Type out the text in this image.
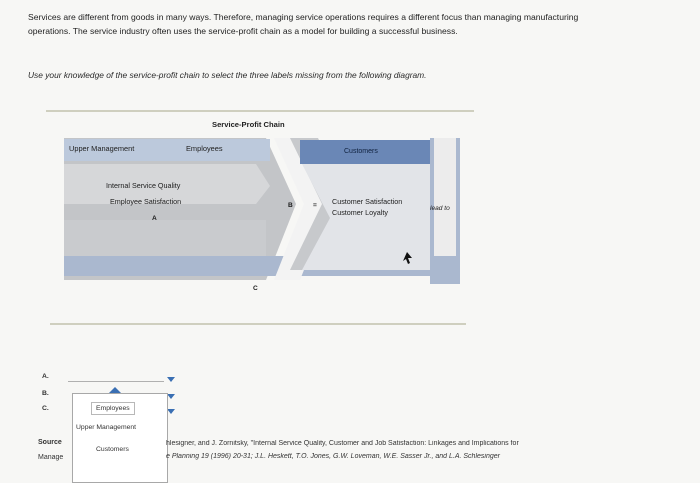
Services are different from goods in many ways. Therefore, managing service operations requires a different focus than managing manufacturing
operations. The service industry often uses the service-profit chain as a model for building a successful business.
Use your knowledge of the service-profit chain to select the three labels missing from the following diagram.
Service-Profit Chain
Upper Management	Employees	Customers
Internal Service Quality
Employee Satisfaction
A
B	= Customer Satisfaction
Customer Loyalty	lead to
C
A.
B.
C.	Employees
Upper Management
Customers
Source
Manage
hlesigner, and J. Zornitsky, "Internal Service Quality, Customer and Job Satisfaction: Linkages and Implications for
e Planning 19 (1996) 20-31; J.L. Heskett, T.O. Jones, G.W. Loveman, W.E. Sasser Jr., and L.A. Schlesinger
